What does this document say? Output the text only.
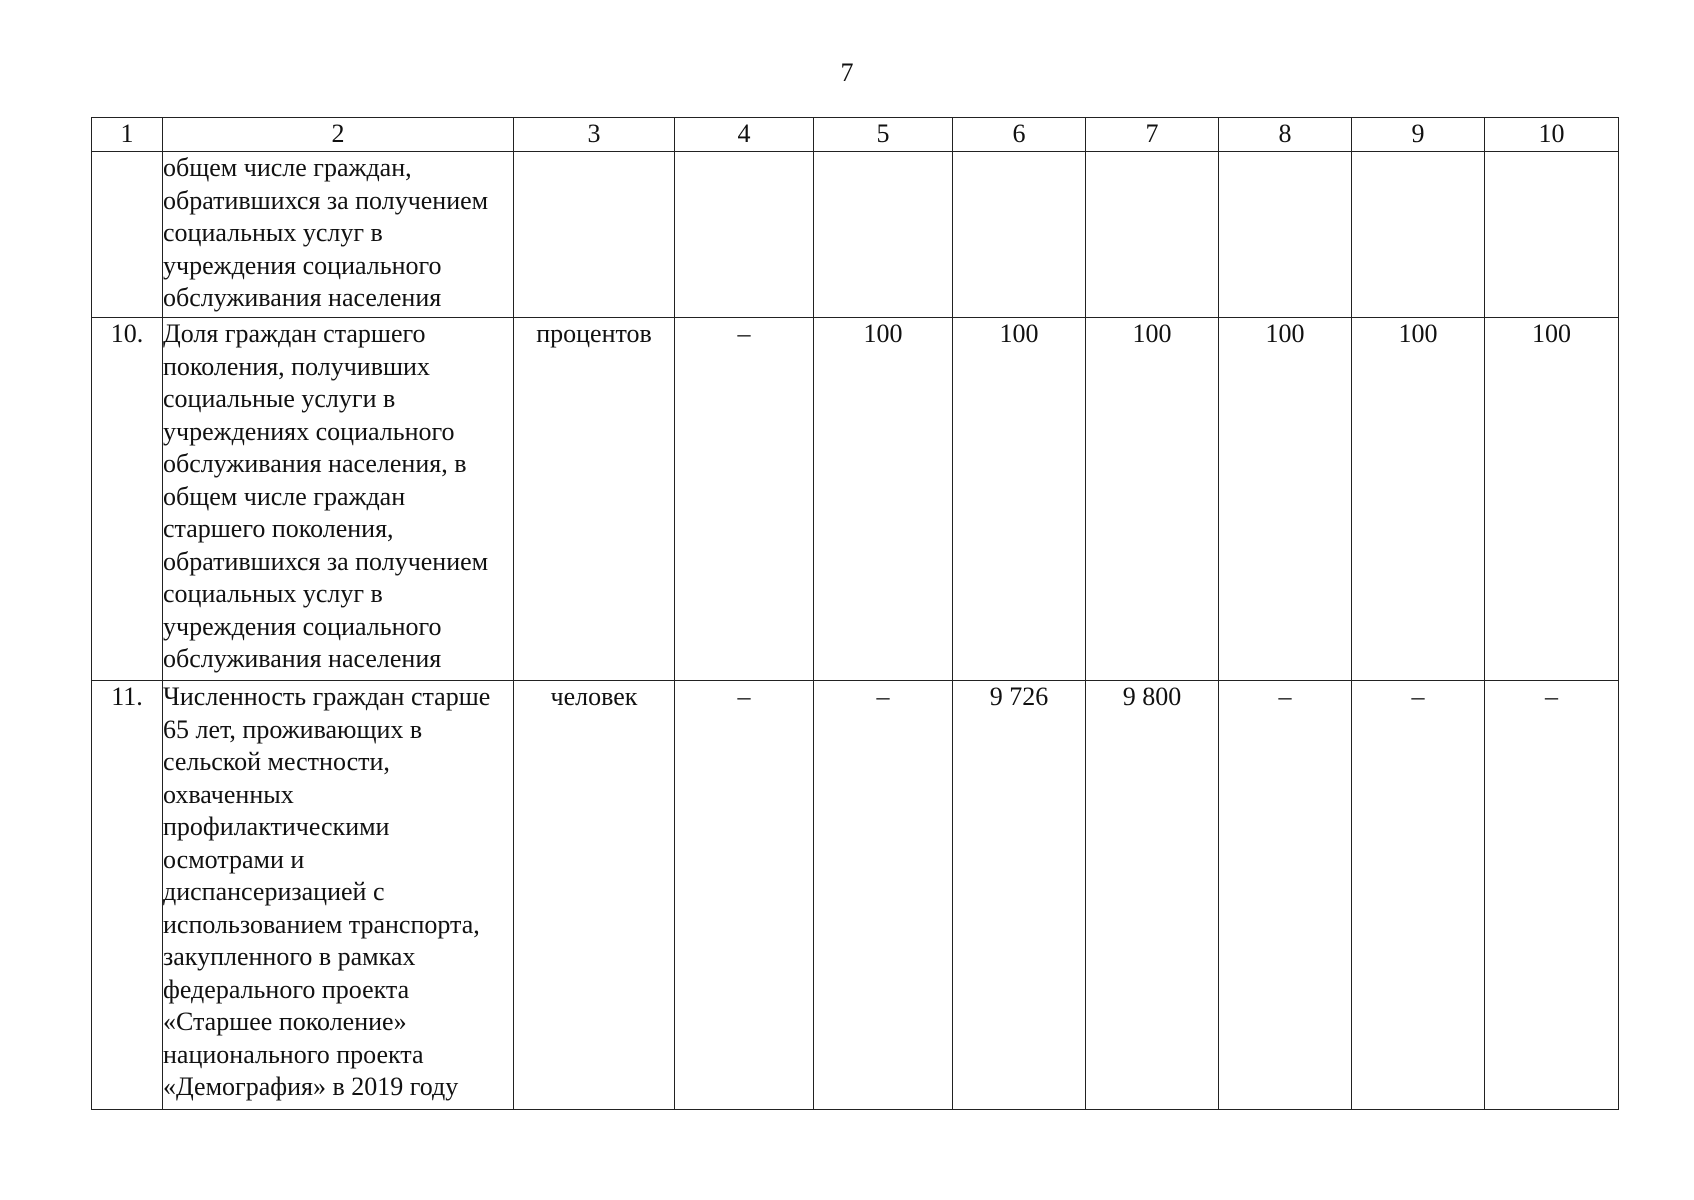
7
1	2	3	4	5	6	7	8	9	10
	общем числе граждан, обратившихся за получением социальных услуг в учреждения социального обслуживания населения								
10.	Доля граждан старшего поколения, получивших социальные услуги в учреждениях социального обслуживания населения, в общем числе граждан старшего поколения, обратившихся за получением социальных услуг в учреждения социального обслуживания населения	процентов	–	100	100	100	100	100	100
11.	Численность граждан старше 65 лет, проживающих в сельской местности, охваченных профилактическими осмотрами и диспансеризацией с использованием транспорта, закупленного в рамках федерального проекта «Старшее поколение» национального проекта «Демография» в 2019 году	человек	–	–	9 726	9 800	–	–	–
